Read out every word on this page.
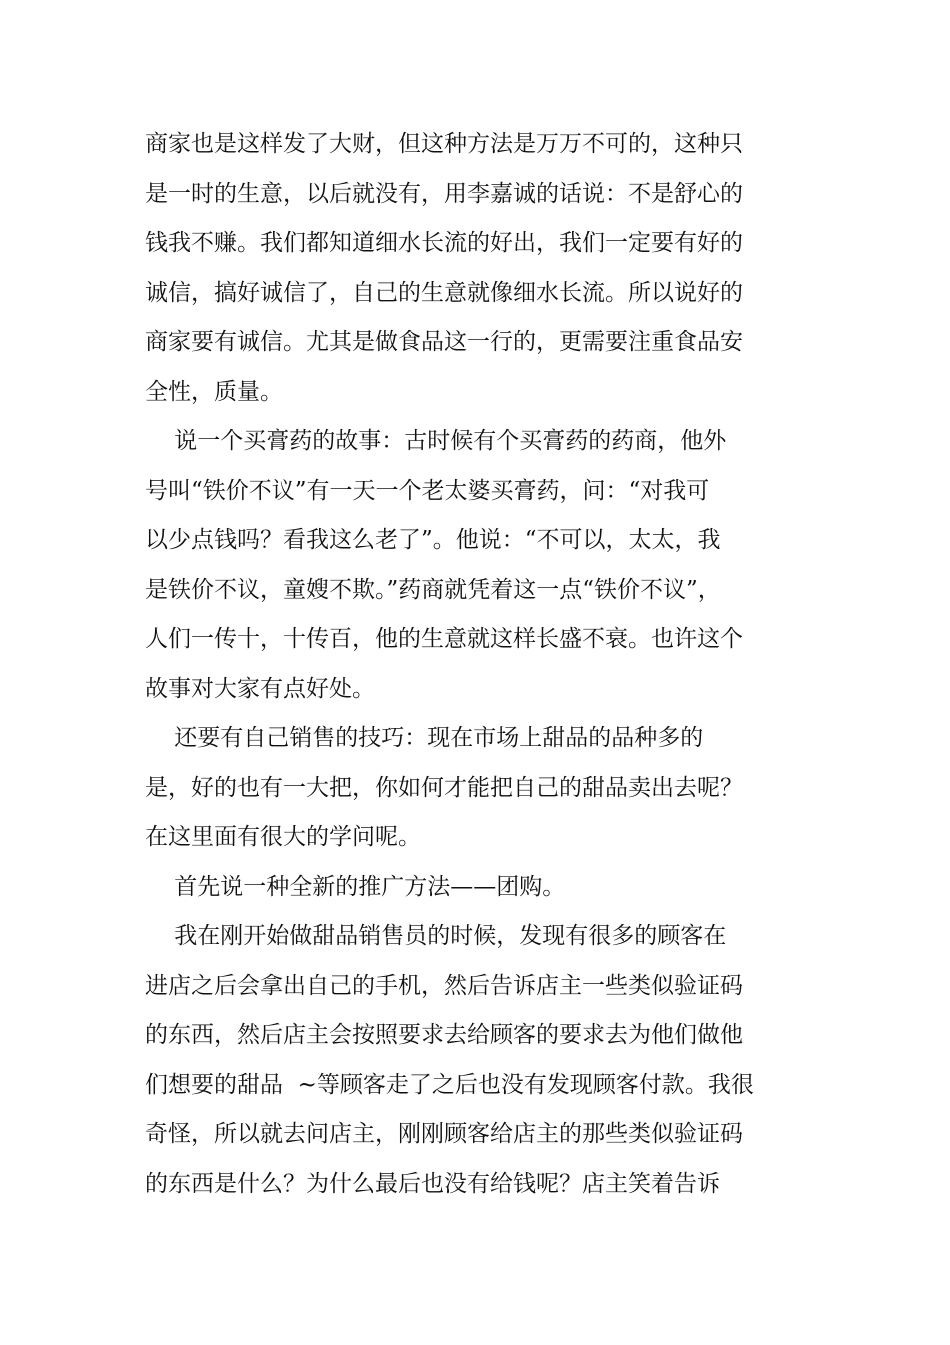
商家也是这样发了大财，但这种方法是万万不可的，这种只
是一时的生意，以后就没有，用李嘉诚的话说：不是舒心的
钱我不赚。我们都知道细水长流的好出，我们一定要有好的
诚信，搞好诚信了，自己的生意就像细水长流。所以说好的
商家要有诚信。尤其是做食品这一行的，更需要注重食品安
全性，质量。
说一个买膏药的故事：古时候有个买膏药的药商，他外
号叫“铁价不议”有一天一个老太婆买膏药，问：“对我可
以少点钱吗？看我这么老了”。他说：“不可以，太太，我
是铁价不议，童嫂不欺。”药商就凭着这一点“铁价不议”，
人们一传十，十传百，他的生意就这样长盛不衰。也许这个
故事对大家有点好处。
还要有自己销售的技巧：现在市场上甜品的品种多的
是，好的也有一大把，你如何才能把自己的甜品卖出去呢？
在这里面有很大的学问呢。
首先说一种全新的推广方法——团购。
我在刚开始做甜品销售员的时候，发现有很多的顾客在
进店之后会拿出自己的手机，然后告诉店主一些类似验证码
的东西，然后店主会按照要求去给顾客的要求去为他们做他
们想要的甜品  ~等顾客走了之后也没有发现顾客付款。我很
奇怪，所以就去问店主，刚刚顾客给店主的那些类似验证码
的东西是什么？为什么最后也没有给钱呢？店主笑着告诉
